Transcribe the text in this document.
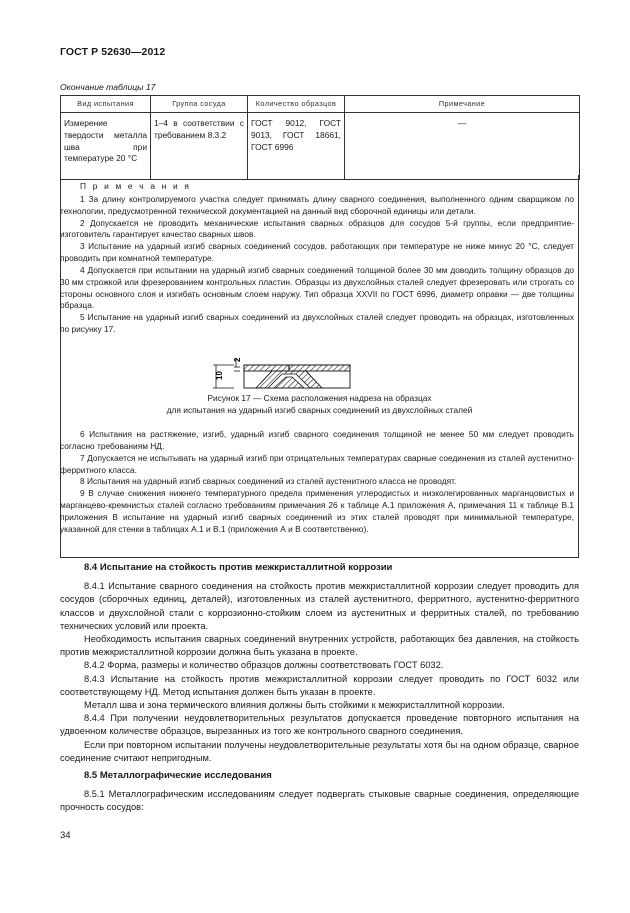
ГОСТ Р 52630—2012
Окончание таблицы 17
Вид испытания	Группа сосуда	Количество образцов	Примечание
Измерение твердости металла шва при температуре 20 °С	1–4 в соответствии с требованием 8.3.2	ГОСТ 9012, ГОСТ 9013, ГОСТ 18661, ГОСТ 6996	—

П р и м е ч а н и я

1 За длину контролируемого участка следует принимать длину сварного соединения, выполненного одним сварщиком по технологии, предусмотренной технической документацией на данный вид сборочной единицы или детали.

2 Допускается не проводить механические испытания сварных образцов для сосудов 5-й группы, если предприятие-изготовитель гарантирует качество сварных швов.

3 Испытание на ударный изгиб сварных соединений сосудов, работающих при температуре не ниже минус 20 °С, следует проводить при комнатной температуре.

4 Допускается при испытании на ударный изгиб сварных соединений толщиной более 30 мм доводить толщину образцов до 30 мм строжкой или фрезерованием контрольных пластин. Образцы из двухслойных сталей следует фрезеровать или строгать со стороны основного слоя и изгибать основным слоем наружу. Тип образца XXVII по ГОСТ 6996, диаметр оправки — две толщины образца.

5 Испытание на ударный изгиб сварных соединений из двухслойных сталей следует проводить на образцах, изготовленных по рисунку 17.

10
2
Рисунок 17 — Схема расположения надреза на образцах
для испытания на ударный изгиб сварных соединений из двухслойных сталей

6 Испытания на растяжение, изгиб, ударный изгиб сварного соединения толщиной не менее 50 мм следует проводить согласно требованиям НД.

7 Допускается не испытывать на ударный изгиб при отрицательных температурах сварные соединения из сталей аустенитно-ферритного класса.

8 Испытания на ударный изгиб сварных соединений из сталей аустенитного класса не проводят.

9 В случае снижения нижнего температурного предела применения углеродистых и низколегированных марганцовистых и марганцево-кремнистых сталей согласно требованиям примечания 26 к таблице А.1 приложения А, примечания 11 к таблице В.1 приложения В испытание на ударный изгиб сварных соединений из этих сталей проводят при минимальной температуре, указанной для стенки в таблицах А.1 и В.1 (приложения А и В соответственно).

8.4 Испытание на стойкость против межкристаллитной коррозии

8.4.1 Испытание сварного соединения на стойкость против межкристаллитной коррозии следует проводить для сосудов (сборочных единиц, деталей), изготовленных из сталей аустенитного, ферритного, аустенитно-ферритного классов и двухслойной стали с коррозионно-стойким слоем из аустенитных и ферритных сталей, по требованию технических условий или проекта.

Необходимость испытания сварных соединений внутренних устройств, работающих без давления, на стойкость против межкристаллитной коррозии должна быть указана в проекте.

8.4.2 Форма, размеры и количество образцов должны соответствовать ГОСТ 6032.

8.4.3 Испытание на стойкость против межкристаллитной коррозии следует проводить по ГОСТ 6032 или соответствующему НД. Метод испытания должен быть указан в проекте.

Металл шва и зона термического влияния должны быть стойкими к межкристаллитной коррозии.

8.4.4 При получении неудовлетворительных результатов допускается проведение повторного испытания на удвоенном количестве образцов, вырезанных из того же контрольного сварного соединения.

Если при повторном испытании получены неудовлетворительные результаты хотя бы на одном образце, сварное соединение считают непригодным.

8.5 Металлографические исследования

8.5.1 Металлографическим исследованиям следует подвергать стыковые сварные соединения, определяющие прочность сосудов:

34
